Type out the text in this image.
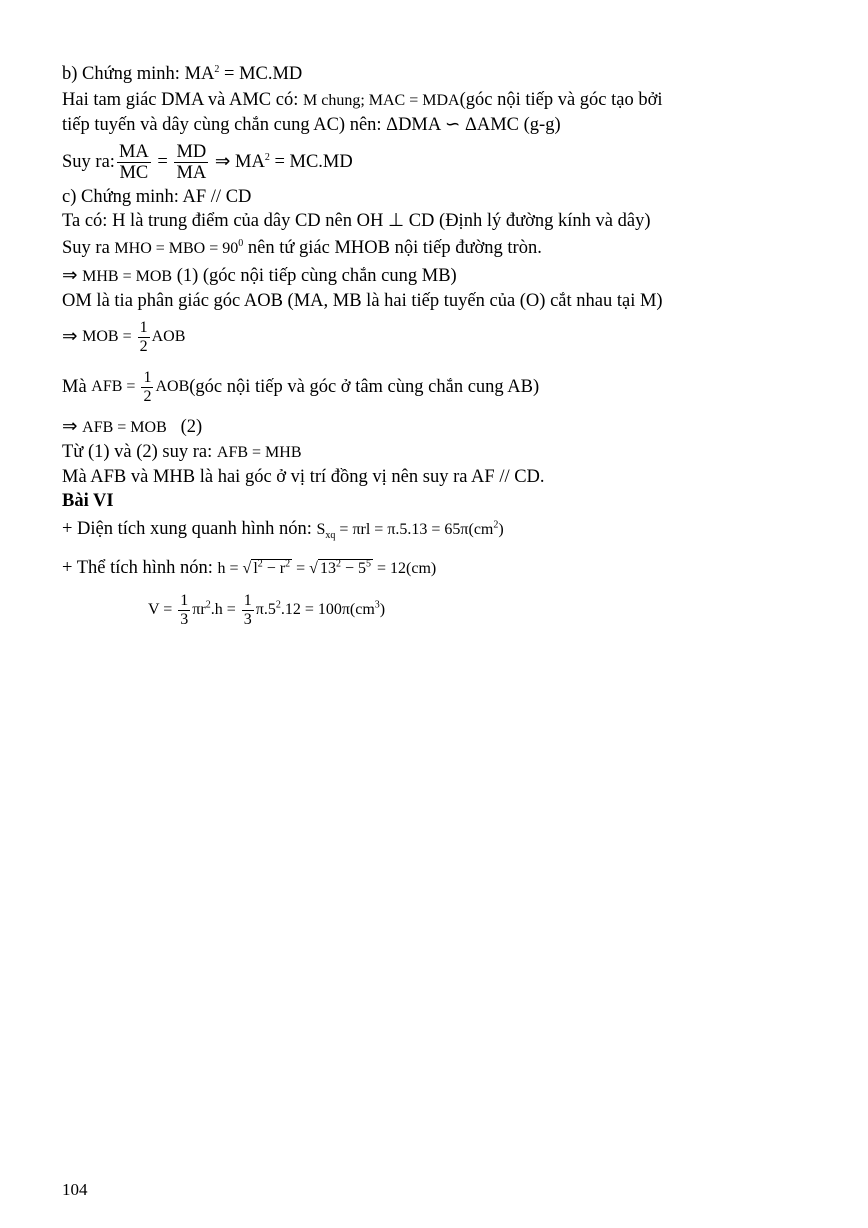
b) Chứng minh: $MA^2 = MC.MD$
Hai tam giác DMA và AMC có: M chung; MAC = MDA(góc nội tiếp và góc tạo bởi
tiếp tuyến và dây cùng chắn cung AC) nên: ΔDMA ∽ ΔAMC (g-g)
Suy ra: $\frac{MA}{MC} = \frac{MD}{MA}$ ⇒ $MA^2 = MC.MD$
c) Chứng minh: AF // CD
Ta có: H là trung điểm của dây CD nên OH ⊥ CD (Định lý đường kính và dây)
Suy ra MHO = MBO = $90^0$ nên tứ giác MHOB nội tiếp đường tròn.
⇒ MHB = MOB (1) (góc nội tiếp cùng chắn cung MB)
OM là tia phân giác góc AOB (MA, MB là hai tiếp tuyến của (O) cắt nhau tại M)
⇒ MOB = $\frac{1}{2}$ AOB
Mà AFB = $\frac{1}{2}$ AOB (góc nội tiếp và góc ở tâm cùng chắn cung AB)
⇒ AFB = MOB   (2)
Từ (1) và (2) suy ra: AFB = MHB
Mà AFB và MHB là hai góc ở vị trí đồng vị nên suy ra AF // CD.
Bài VI
+ Diện tích xung quanh hình nón: $S_{xq} = \pi rl = \pi.5.13 = 65\pi(cm^2)$
+ Thể tích hình nón: h = √ $l^2 - r^2$ = √ $13^2 - 5^5 = 12(cm)$
$V = \frac{1}{3} \pi r^2.h = \frac{1}{3} \pi.5^2.12 = 100\pi(cm^3)$
104
